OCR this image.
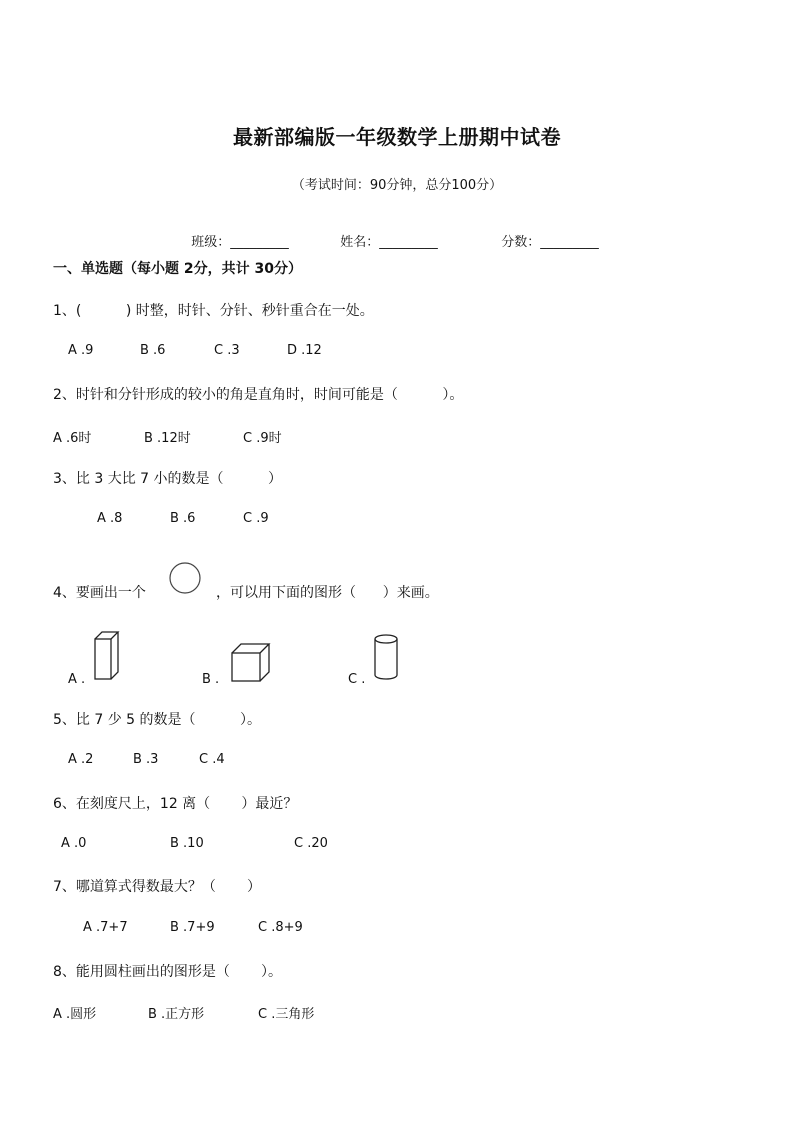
最新部编版一年级数学上册期中试卷
（考试时间：90分钟，总分100分）

班级：_________	姓名：_________	分数：_________

一、单选题（每小题 2分，共计 30分）
1、(          ) 时整，时针、分针、秒针重合在一处。
A .9	B .6	C .3	D .12
2、时针和分针形成的较小的角是直角时，时间可能是（          ）。
A .6时	B .12时	C .9时
3、比 3 大比 7 小的数是（          ）
A .8	B .6	C .9
4、要画出一个	，可以用下面的图形（      ）来画。
A .	B .	C .
5、比 7 少 5 的数是（          ）。
A .2	B .3	C .4
6、在刻度尺上，12 离（       ）最近？
A .0	B .10	C .20
7、哪道算式得数最大？（       ）
A .7+7	B .7+9	C .8+9
8、能用圆柱画出的图形是（       ）。
A .圆形	B .正方形	C .三角形
